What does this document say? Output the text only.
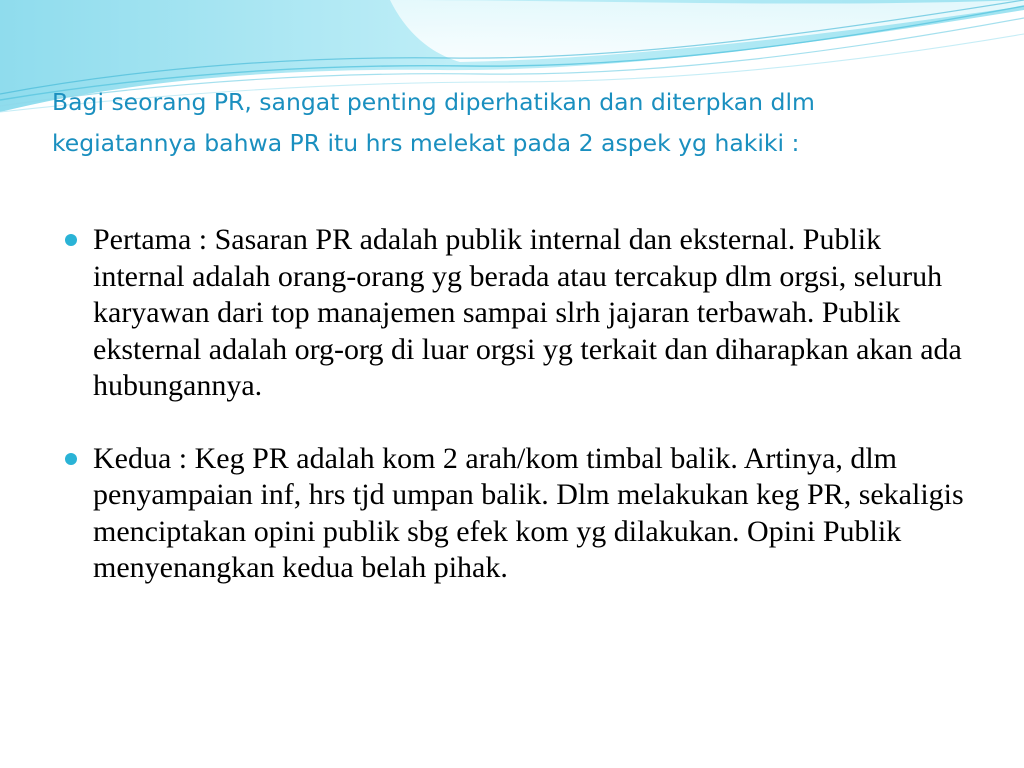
Bagi seorang PR, sangat penting diperhatikan dan diterpkan dlm kegiatannya bahwa PR itu hrs melekat pada 2 aspek yg hakiki :
Pertama : Sasaran PR adalah publik internal dan eksternal. Publik internal adalah orang-orang yg berada atau tercakup dlm orgsi, seluruh karyawan dari top manajemen sampai slrh jajaran terbawah. Publik eksternal adalah org-org di luar orgsi yg terkait dan diharapkan akan ada hubungannya.
Kedua : Keg PR adalah kom 2 arah/kom timbal balik. Artinya, dlm penyampaian inf, hrs tjd umpan balik. Dlm melakukan keg PR, sekaligis menciptakan opini publik sbg efek kom yg dilakukan. Opini Publik menyenangkan kedua belah pihak.
